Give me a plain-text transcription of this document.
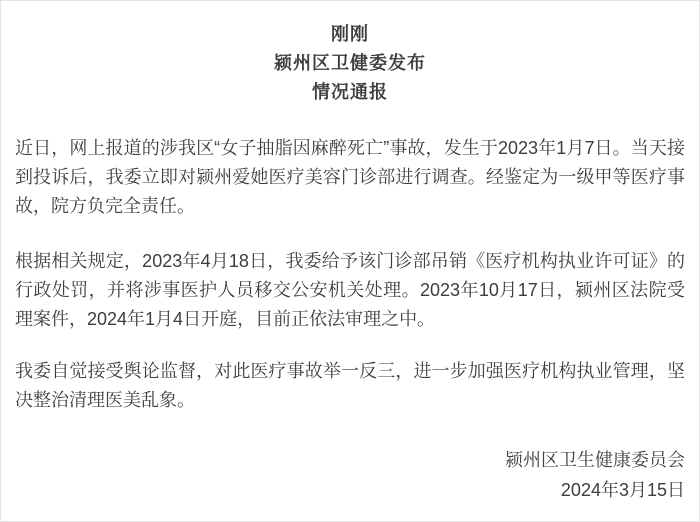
刚刚
颍州区卫健委发布
情况通报

近日，网上报道的涉我区“女子抽脂因麻醉死亡”事故，发生于2023年1月7日。当天接到投诉后，我委立即对颍州爱她医疗美容门诊部进行调查。经鉴定为一级甲等医疗事故，院方负完全责任。

根据相关规定，2023年4月18日，我委给予该门诊部吊销《医疗机构执业许可证》的行政处罚，并将涉事医护人员移交公安机关处理。2023年10月17日，颍州区法院受理案件，2024年1月4日开庭，目前正依法审理之中。

我委自觉接受舆论监督，对此医疗事故举一反三，进一步加强医疗机构执业管理，坚决整治清理医美乱象。

颍州区卫生健康委员会
2024年3月15日
